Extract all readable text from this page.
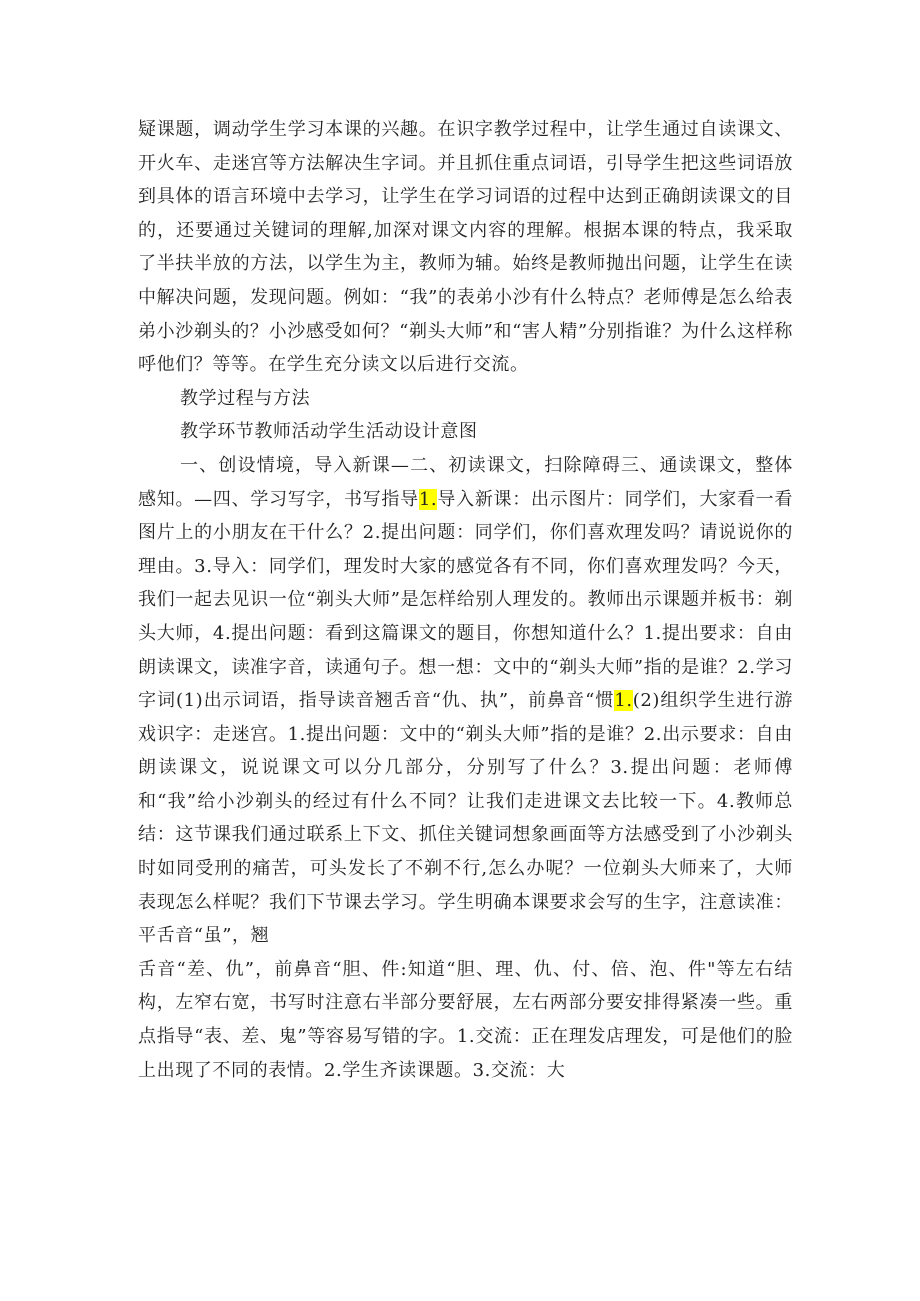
疑课题，调动学生学习本课的兴趣。在识字教学过程中，让学生通过自读课文、开火车、走迷宫等方法解决生字词。并且抓住重点词语，引导学生把这些词语放到具体的语言环境中去学习，让学生在学习词语的过程中达到正确朗读课文的目的，还要通过关键词的理解,加深对课文内容的理解。根据本课的特点，我采取了半扶半放的方法，以学生为主，教师为辅。始终是教师抛出问题，让学生在读中解决问题，发现问题。例如：“我”的表弟小沙有什么特点？老师傅是怎么给表弟小沙剃头的？小沙感受如何？“剃头大师”和“害人精”分别指谁？为什么这样称呼他们？等等。在学生充分读文以后进行交流。

教学过程与方法

教学环节教师活动学生活动设计意图

一、创设情境，导入新课—二、初读课文，扫除障碍三、通读课文，整体感知。—四、学习写字，书写指导1.导入新课：出示图片：同学们，大家看一看图片上的小朋友在干什么？2.提出问题：同学们，你们喜欢理发吗？请说说你的理由。3.导入：同学们，理发时大家的感觉各有不同，你们喜欢理发吗？今天，我们一起去见识一位“剃头大师”是怎样给别人理发的。教师出示课题并板书：剃头大师，4.提出问题：看到这篇课文的题目，你想知道什么？1.提出要求：自由朗读课文，读准字音，读通句子。想一想：文中的“剃头大师”指的是谁？2.学习字词(1)出示词语，指导读音翘舌音“仇、执”，前鼻音“惯1.(2)组织学生进行游戏识字：走迷宫。1.提出问题：文中的“剃头大师”指的是谁？2.出示要求：自由朗读课文，说说课文可以分几部分，分别写了什么？3.提出问题：老师傅和“我”给小沙剃头的经过有什么不同？让我们走进课文去比较一下。4.教师总结：这节课我们通过联系上下文、抓住关键词想象画面等方法感受到了小沙剃头时如同受刑的痛苦，可头发长了不剃不行,怎么办呢？一位剃头大师来了，大师表现怎么样呢？我们下节课去学习。学生明确本课要求会写的生字，注意读准：平舌音“虽”，翘

舌音“差、仇”，前鼻音“胆、件:知道“胆、理、仇、付、倍、泡、件"等左右结构，左窄右宽，书写时注意右半部分要舒展，左右两部分要安排得紧凑一些。重点指导“表、差、鬼”等容易写错的字。1.交流：正在理发店理发，可是他们的脸上出现了不同的表情。2.学生齐读课题。3.交流：大
